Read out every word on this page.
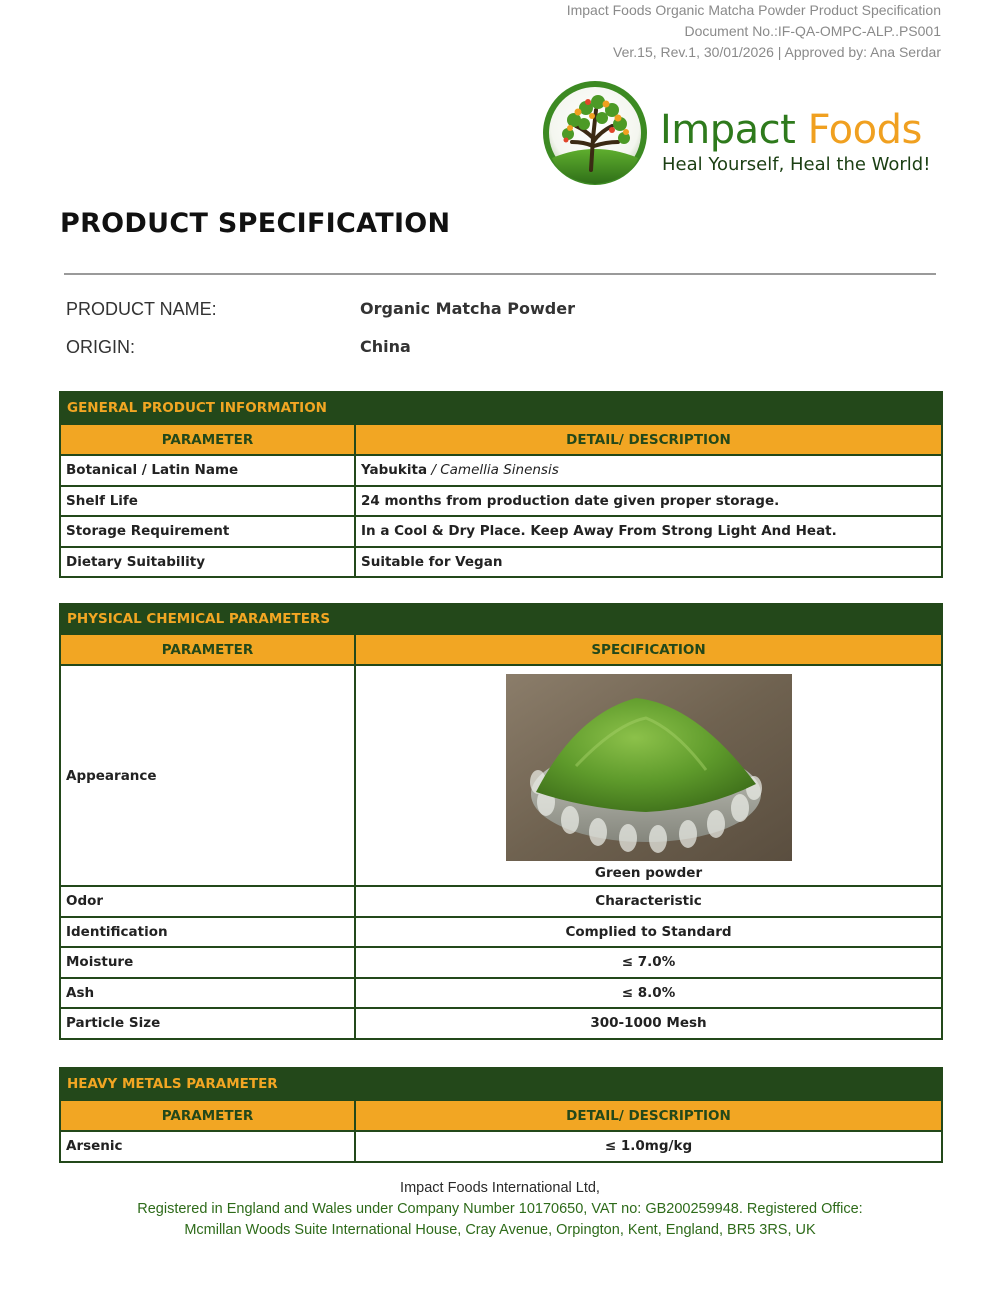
Impact Foods Organic Matcha Powder Product Specification
Document No.:IF-QA-OMPC-ALP..PS001
Ver.15, Rev.1, 30/01/2026 | Approved by: Ana Serdar
Impact Foods
Heal Yourself, Heal the World!
PRODUCT SPECIFICATION
PRODUCT NAME:	Organic Matcha Powder
ORIGIN:	China
GENERAL PRODUCT INFORMATION	
PARAMETER	DETAIL/ DESCRIPTION
Botanical / Latin Name	Yabukita / Camellia Sinensis
Shelf Life	24 months from production date given proper storage.
Storage Requirement	In a Cool & Dry Place. Keep Away From Strong Light And Heat.
Dietary Suitability	Suitable for Vegan
PHYSICAL CHEMICAL PARAMETERS	
PARAMETER	SPECIFICATION
Appearance	Green powder

Odor	Characteristic
Identification	Complied to Standard
Moisture	≤ 7.0%
Ash	≤ 8.0%
Particle Size	300-1000 Mesh
HEAVY METALS PARAMETER	
PARAMETER	DETAIL/ DESCRIPTION
Arsenic	≤ 1.0mg/kg
Impact Foods International Ltd,
Registered in England and Wales under Company Number 10170650, VAT no: GB200259948. Registered Office:
Mcmillan Woods Suite International House, Cray Avenue, Orpington, Kent, England, BR5 3RS, UK
